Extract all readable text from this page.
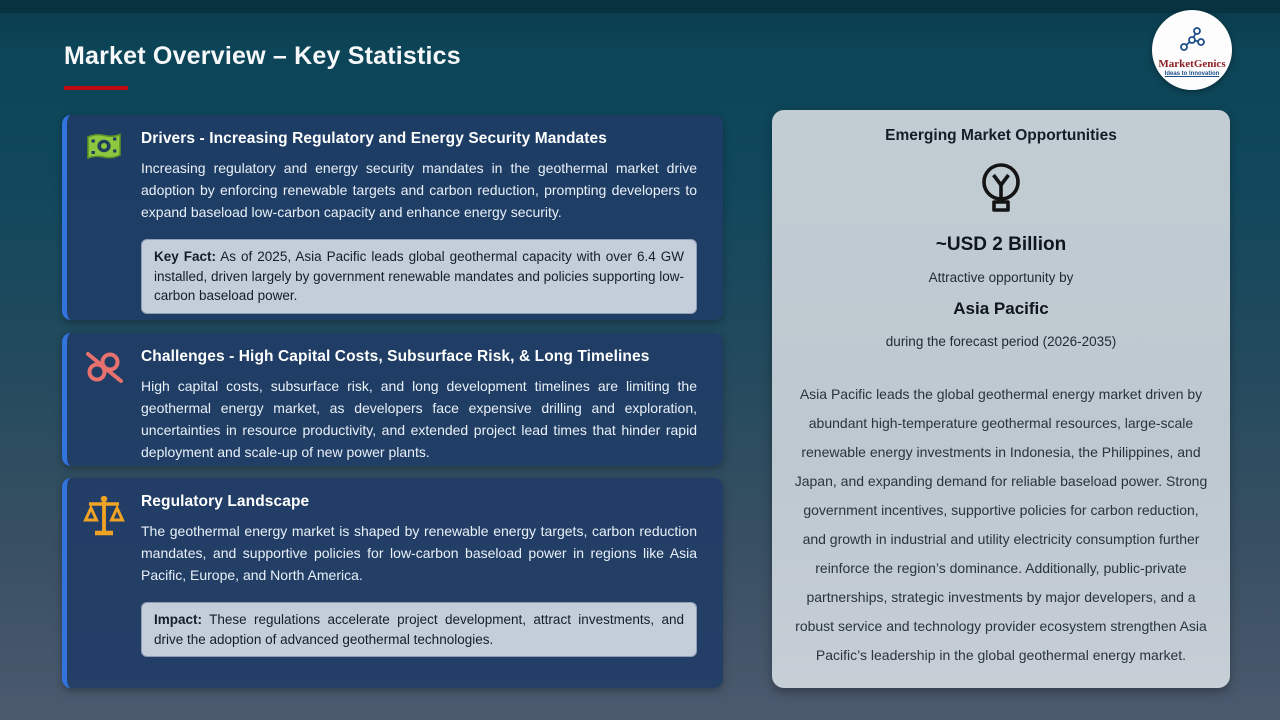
Market Overview – Key Statistics	MarketGenics
Ideas to Innovation
Drivers - Increasing Regulatory and Energy Security Mandates

Increasing regulatory and energy security mandates in the geothermal market drive adoption by enforcing renewable targets and carbon reduction, prompting developers to expand baseload low-carbon capacity and enhance energy security.

Key Fact: As of 2025, Asia Pacific leads global geothermal capacity with over 6.4 GW installed, driven largely by government renewable mandates and policies supporting low-carbon baseload power.
Challenges - High Capital Costs, Subsurface Risk, & Long Timelines

High capital costs, subsurface risk, and long development timelines are limiting the geothermal energy market, as developers face expensive drilling and exploration, uncertainties in resource productivity, and extended project lead times that hinder rapid deployment and scale-up of new power plants.

Regulatory Landscape

The geothermal energy market is shaped by renewable energy targets, carbon reduction mandates, and supportive policies for low-carbon baseload power in regions like Asia Pacific, Europe, and North America.

Impact: These regulations accelerate project development, attract investments, and drive the adoption of advanced geothermal technologies.
Emerging Market Opportunities
~USD 2 Billion
Attractive opportunity by
Asia Pacific
during the forecast period (2026-2035)
Asia Pacific leads the global geothermal energy market driven by abundant high-temperature geothermal resources, large-scale renewable energy investments in Indonesia, the Philippines, and Japan, and expanding demand for reliable baseload power. Strong government incentives, supportive policies for carbon reduction, and growth in industrial and utility electricity consumption further reinforce the region’s dominance. Additionally, public-private partnerships, strategic investments by major developers, and a robust service and technology provider ecosystem strengthen Asia Pacific’s leadership in the global geothermal energy market.
